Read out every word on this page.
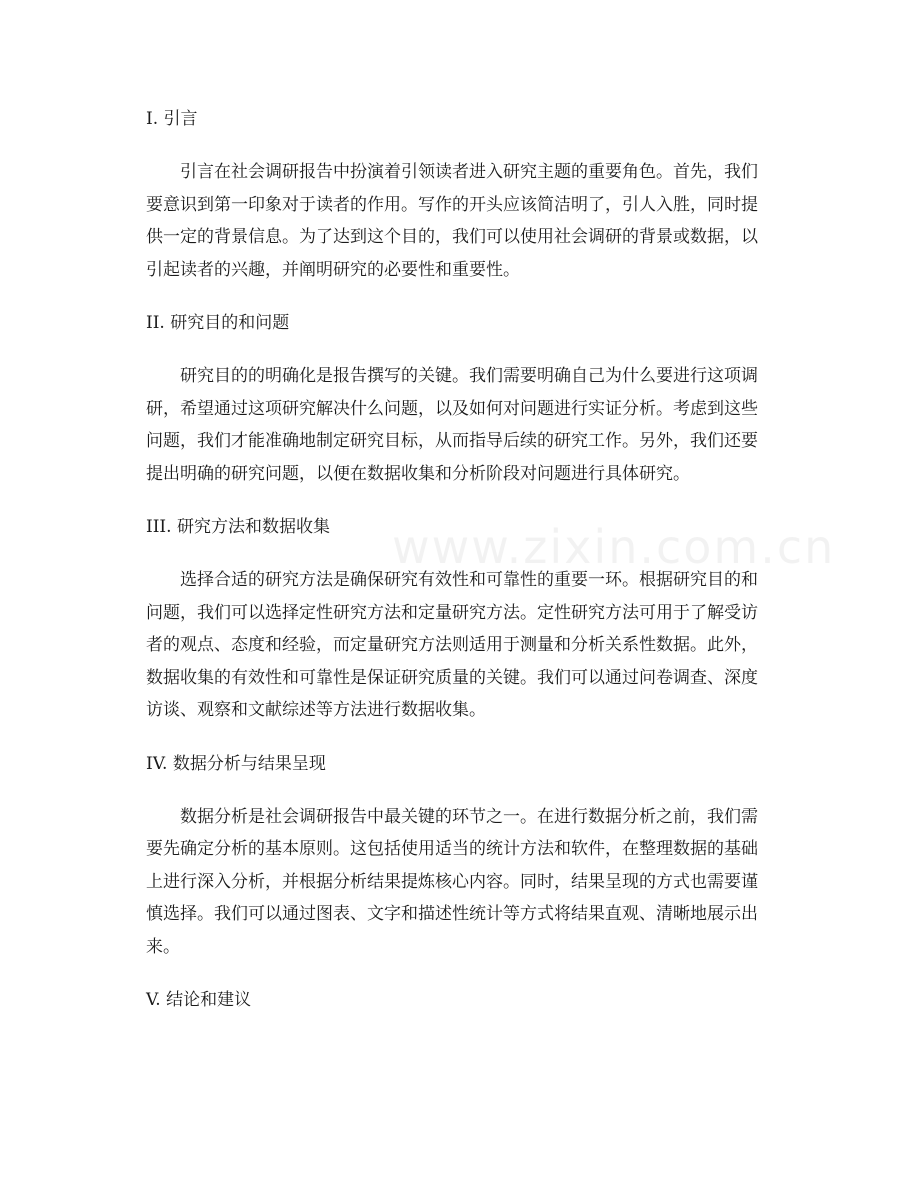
www.zixin.com.cn
I. 引言

引言在社会调研报告中扮演着引领读者进入研究主题的重要角色。首先，我们
要意识到第一印象对于读者的作用。写作的开头应该简洁明了，引人入胜，同时提
供一定的背景信息。为了达到这个目的，我们可以使用社会调研的背景或数据，以
引起读者的兴趣，并阐明研究的必要性和重要性。

II. 研究目的和问题

研究目的的明确化是报告撰写的关键。我们需要明确自己为什么要进行这项调
研，希望通过这项研究解决什么问题，以及如何对问题进行实证分析。考虑到这些
问题，我们才能准确地制定研究目标，从而指导后续的研究工作。另外，我们还要
提出明确的研究问题，以便在数据收集和分析阶段对问题进行具体研究。

III. 研究方法和数据收集

选择合适的研究方法是确保研究有效性和可靠性的重要一环。根据研究目的和
问题，我们可以选择定性研究方法和定量研究方法。定性研究方法可用于了解受访
者的观点、态度和经验，而定量研究方法则适用于测量和分析关系性数据。此外，
数据收集的有效性和可靠性是保证研究质量的关键。我们可以通过问卷调查、深度
访谈、观察和文献综述等方法进行数据收集。

IV. 数据分析与结果呈现

数据分析是社会调研报告中最关键的环节之一。在进行数据分析之前，我们需
要先确定分析的基本原则。这包括使用适当的统计方法和软件，在整理数据的基础
上进行深入分析，并根据分析结果提炼核心内容。同时，结果呈现的方式也需要谨
慎选择。我们可以通过图表、文字和描述性统计等方式将结果直观、清晰地展示出
来。

V. 结论和建议
